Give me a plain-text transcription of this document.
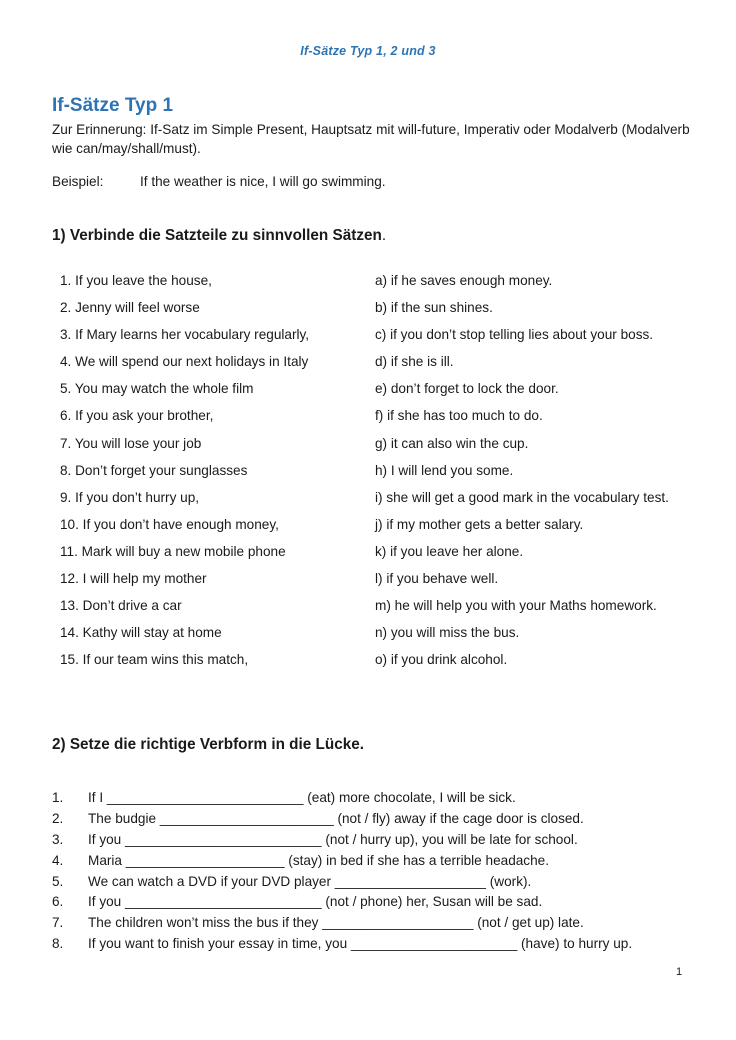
If-Sätze Typ 1, 2 und 3
If-Sätze Typ 1
Zur Erinnerung: If-Satz im Simple Present, Hauptsatz mit will-future, Imperativ oder Modalverb (Modalverb wie can/may/shall/must).
Beispiel:	If the weather is nice, I will go swimming.
1) Verbinde die Satzteile zu sinnvollen Sätzen.
1. If you leave the house,	a) if he saves enough money.
2. Jenny will feel worse	b) if the sun shines.
3. If Mary learns her vocabulary regularly,	c) if you don’t stop telling lies about your boss.
4. We will spend our next holidays in Italy	d) if she is ill.
5. You may watch the whole film	e) don’t forget to lock the door.
6. If you ask your brother,	f) if she has too much to do.
7. You will lose your job	g) it can also win the cup.
8. Don’t forget your sunglasses	h) I will lend you some.
9. If you don’t hurry up,	i) she will get a good mark in the vocabulary test.
10. If you don’t have enough money,	j) if my mother gets a better salary.
11. Mark will buy a new mobile phone	k) if you leave her alone.
12. I will help my mother	l) if you behave well.
13. Don’t drive a car	m) he will help you with your Maths homework.
14. Kathy will stay at home	n) you will miss the bus.
15. If our team wins this match,	o) if you drink alcohol.
2) Setze die richtige Verbform in die Lücke.
1. If I __________________________ (eat) more chocolate, I will be sick.
2. The budgie _______________________ (not / fly) away if the cage door is closed.
3. If you __________________________ (not / hurry up), you will be late for school.
4. Maria _____________________ (stay) in bed if she has a terrible headache.
5. We can watch a DVD if your DVD player ____________________ (work).
6. If you __________________________ (not / phone) her, Susan will be sad.
7. The children won’t miss the bus if they ____________________ (not / get up) late.
8. If you want to finish your essay in time, you ______________________ (have) to hurry up.
1
